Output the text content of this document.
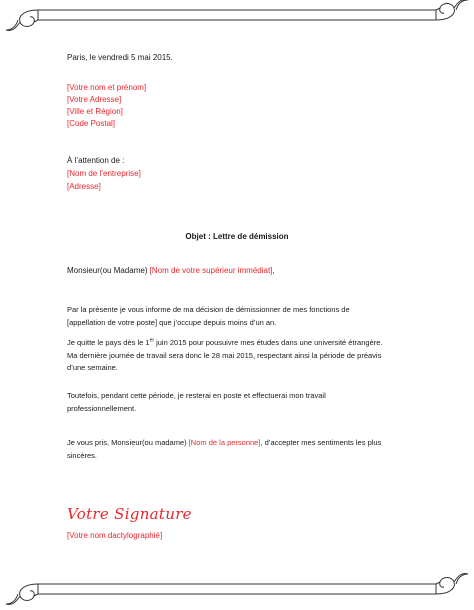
Paris, le vendredi 5 mai 2015.
[Votre nom et prénom]
[Votre Adresse]
[Ville et Région]
[Code Postal]
À l’attention de :
[Nom de l’entreprise]
[Adresse]
Objet : Lettre de démission
Monsieur(ou Madame) [Nom de votre supérieur immédiat],
Par la présente je vous informe de ma décision de démissionner de mes fonctions de
[appellation de votre poste] que j’occupe depuis moins d’un an.
Je quitte le pays dès le 1er juin 2015 pour pousuivre mes études dans une université étrangère.
Ma dernière journée de travail sera donc le 28 mai 2015, respectant ainsi la période de préavis
d’une semaine.
Toutefois, pendant cette période, je resterai en poste et effectuerai mon travail
professionnellement.
Je vous pris, Monsieur(ou madame) [Nom de la personne], d’accepter mes sentiments les plus
sincères.
Votre Signature
[Votre nom dactylographié]
